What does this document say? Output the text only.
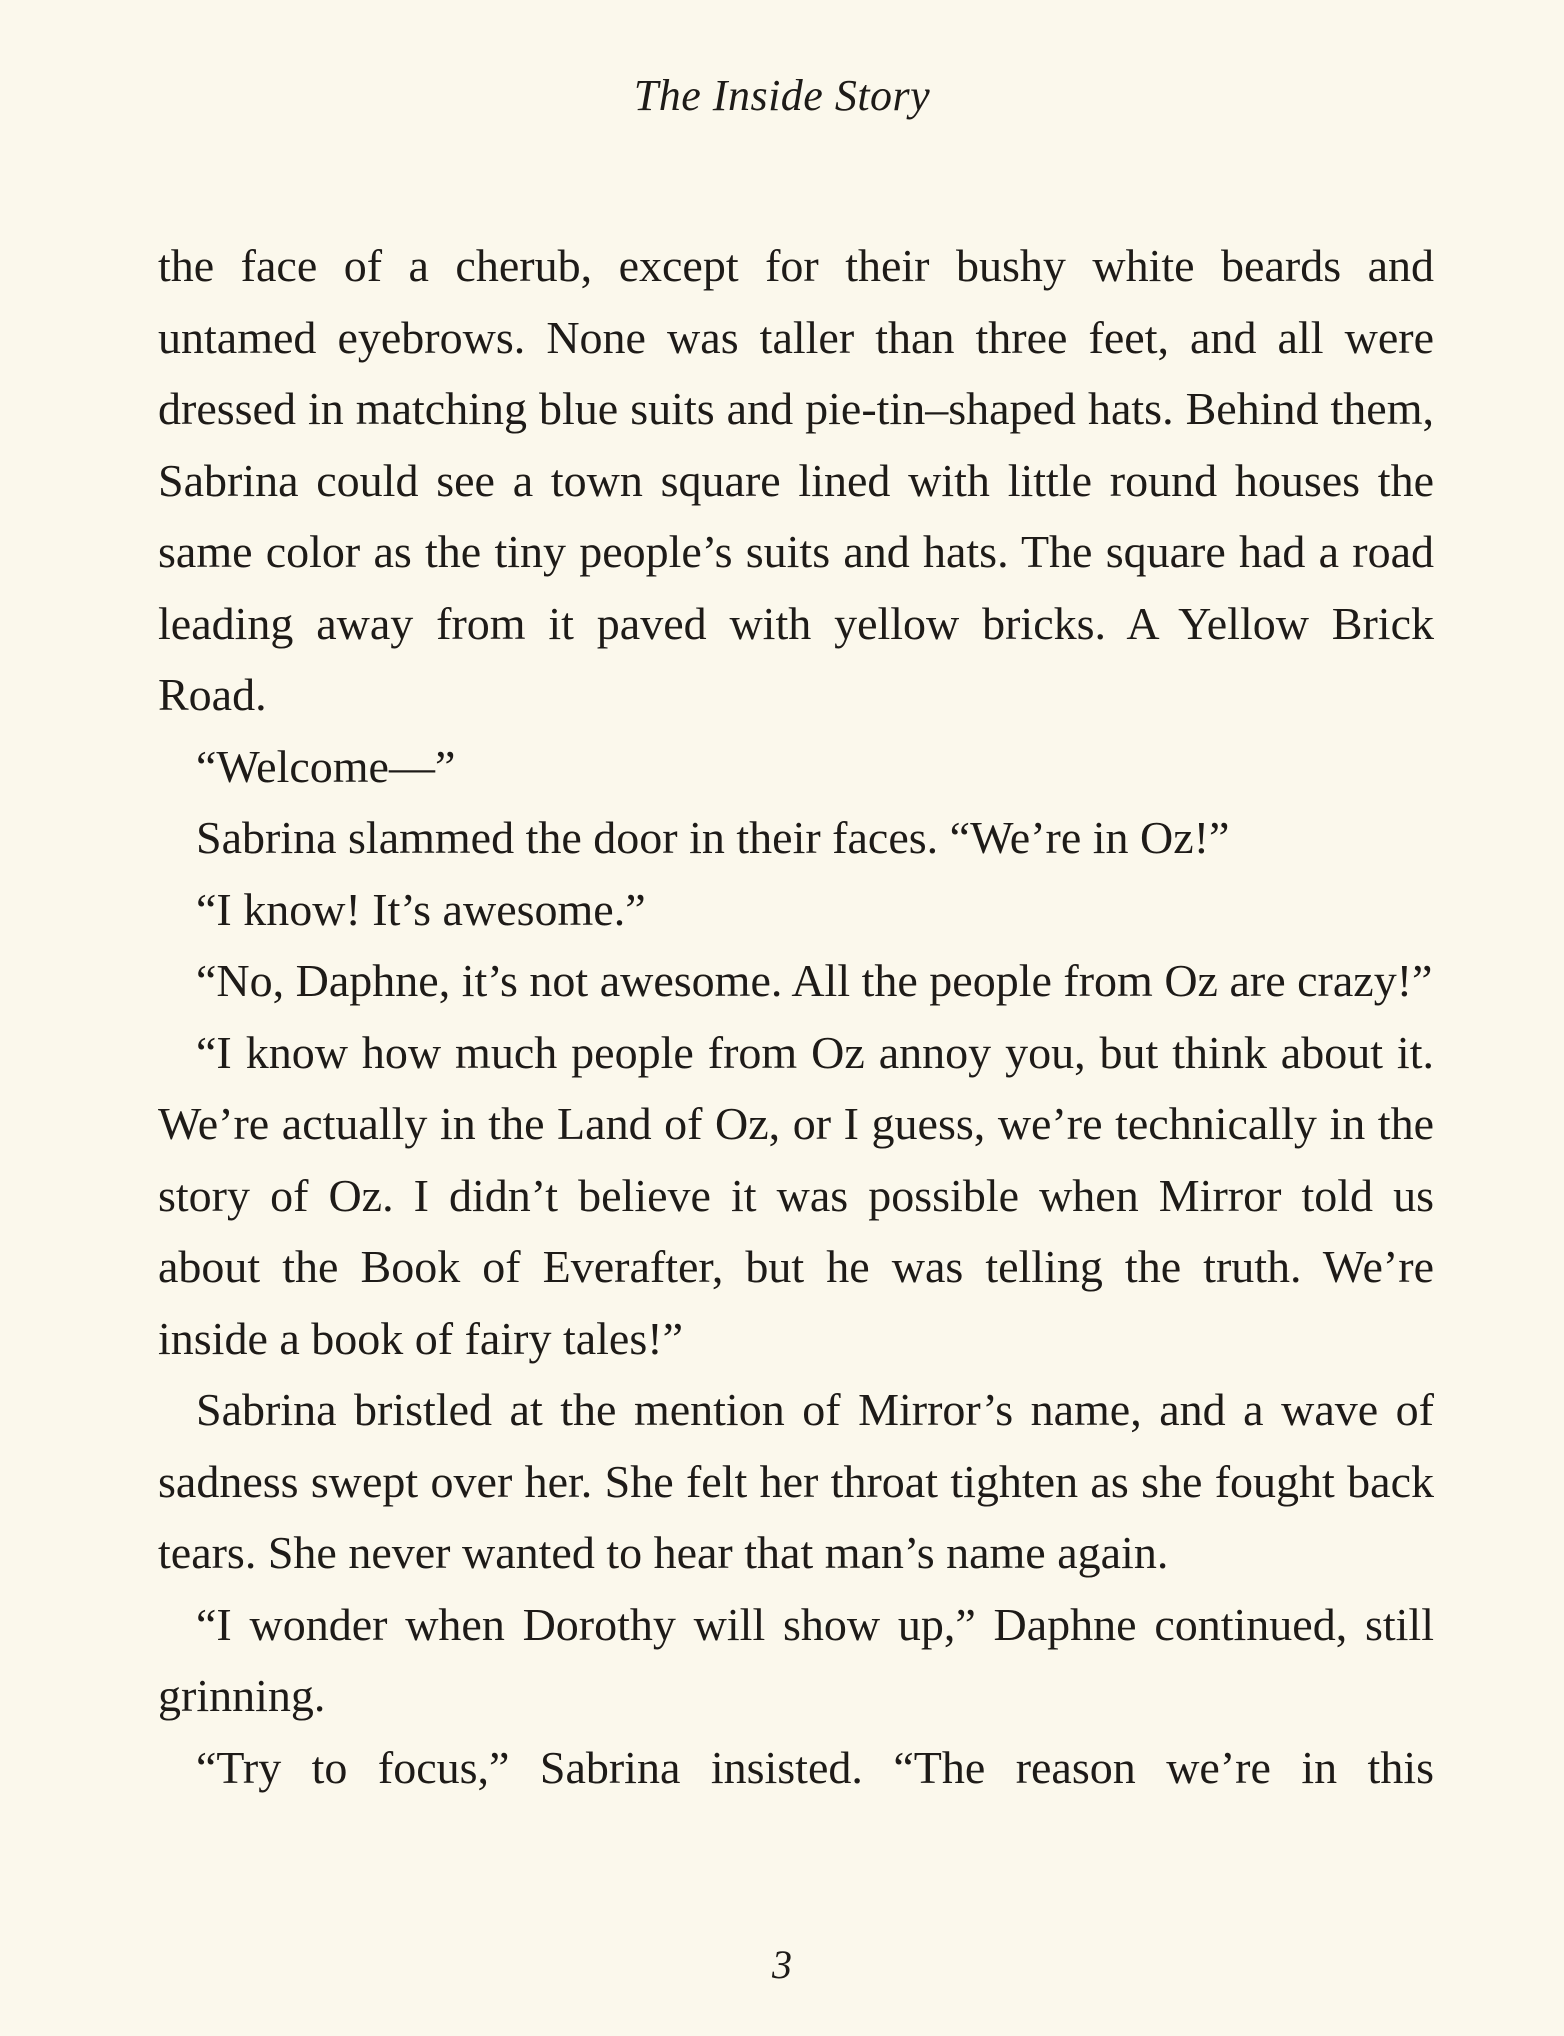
The Inside Story

the face of a cherub, except for their bushy white beards and untamed eyebrows. None was taller than three feet, and all were dressed in matching blue suits and pie-tin–shaped hats. Behind them, Sabrina could see a town square lined with little round houses the same color as the tiny people’s suits and hats. The square had a road leading away from it paved with yellow bricks. A Yellow Brick Road.

“Welcome—”

Sabrina slammed the door in their faces. “We’re in Oz!”

“I know! It’s awesome.”

“No, Daphne, it’s not awesome. All the people from Oz are crazy!”

“I know how much people from Oz annoy you, but think about it. We’re actually in the Land of Oz, or I guess, we’re technically in the story of Oz. I didn’t believe it was possible when Mirror told us about the Book of Everafter, but he was telling the truth. We’re inside a book of fairy tales!”

Sabrina bristled at the mention of Mirror’s name, and a wave of sadness swept over her. She felt her throat tighten as she fought back tears. She never wanted to hear that man’s name again.

“I wonder when Dorothy will show up,” Daphne continued, still grinning.

“Try to focus,” Sabrina insisted. “The reason we’re in this

3
